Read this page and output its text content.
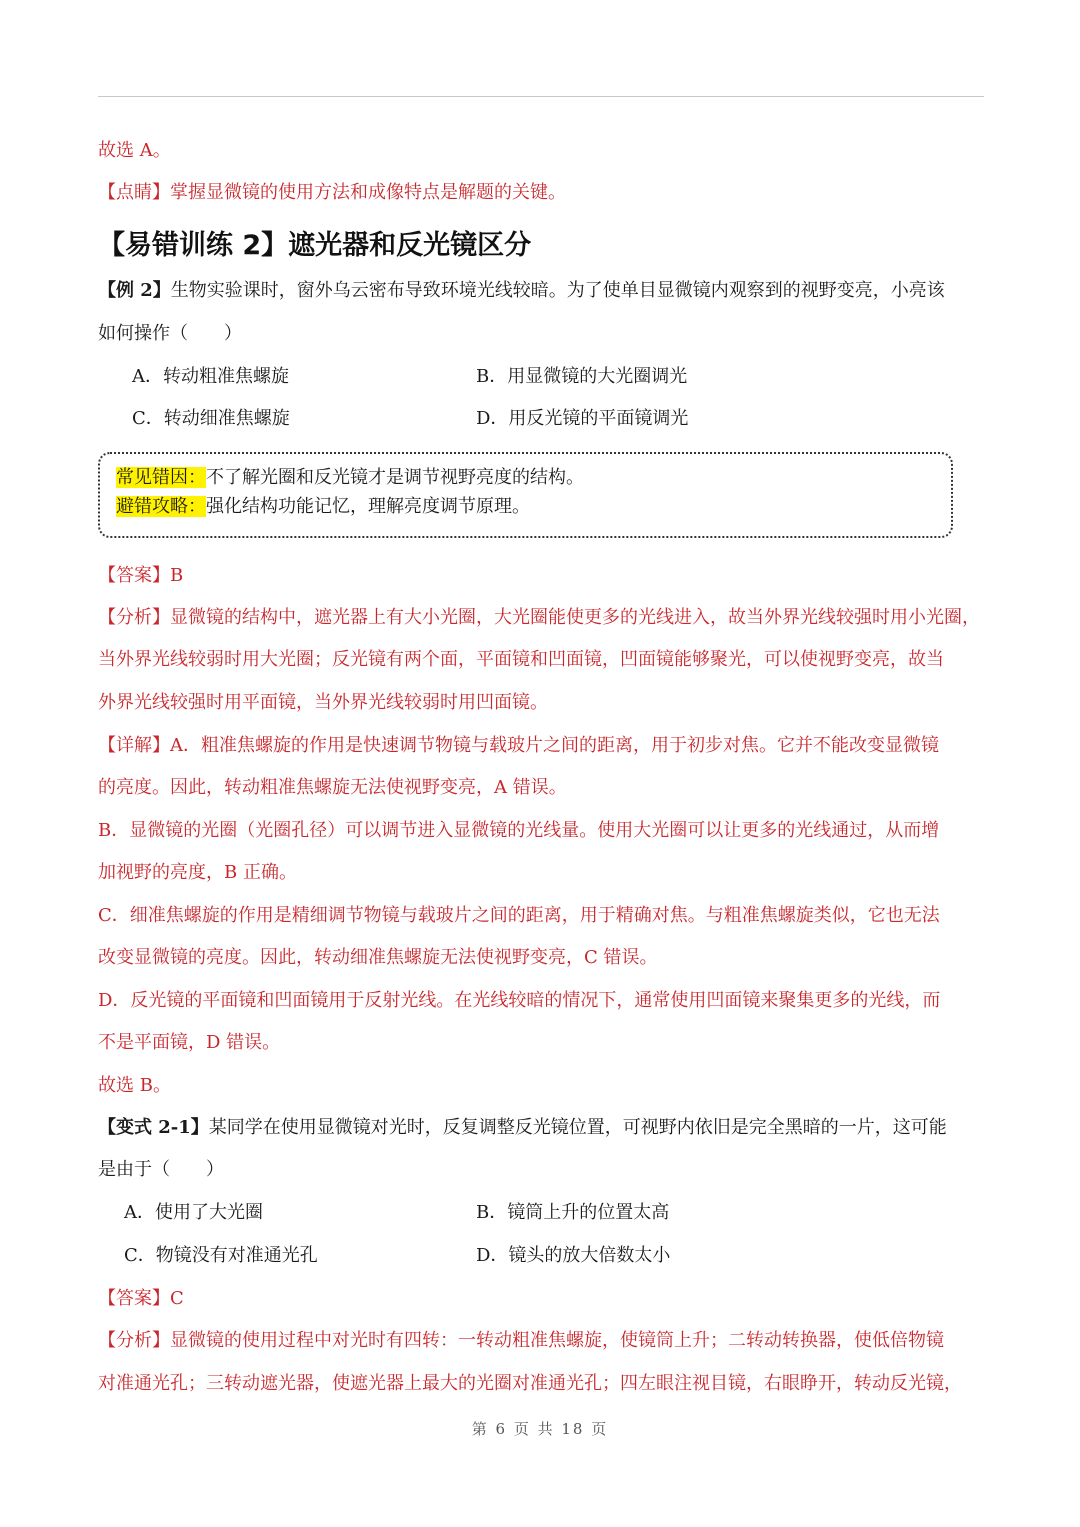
故选 A。
【点睛】掌握显微镜的使用方法和成像特点是解题的关键。
【易错训练 2】遮光器和反光镜区分
【例 2】生物实验课时，窗外乌云密布导致环境光线较暗。为了使单目显微镜内观察到的视野变亮，小亮该
如何操作（　　）
A．转动粗准焦螺旋	B．用显微镜的大光圈调光
C．转动细准焦螺旋	D．用反光镜的平面镜调光
常见错因：不了解光圈和反光镜才是调节视野亮度的结构。
避错攻略：强化结构功能记忆，理解亮度调节原理。
【答案】B
【分析】显微镜的结构中，遮光器上有大小光圈，大光圈能使更多的光线进入，故当外界光线较强时用小光圈，
当外界光线较弱时用大光圈；反光镜有两个面，平面镜和凹面镜，凹面镜能够聚光，可以使视野变亮，故当
外界光线较强时用平面镜，当外界光线较弱时用凹面镜。
【详解】A．粗准焦螺旋的作用是快速调节物镜与载玻片之间的距离，用于初步对焦。它并不能改变显微镜
的亮度。因此，转动粗准焦螺旋无法使视野变亮，A 错误。
B．显微镜的光圈（光圈孔径）可以调节进入显微镜的光线量。使用大光圈可以让更多的光线通过，从而增
加视野的亮度，B 正确。
C．细准焦螺旋的作用是精细调节物镜与载玻片之间的距离，用于精确对焦。与粗准焦螺旋类似，它也无法
改变显微镜的亮度。因此，转动细准焦螺旋无法使视野变亮，C 错误。
D．反光镜的平面镜和凹面镜用于反射光线。在光线较暗的情况下，通常使用凹面镜来聚集更多的光线，而
不是平面镜，D 错误。
故选 B。
【变式 2-1】某同学在使用显微镜对光时，反复调整反光镜位置，可视野内依旧是完全黑暗的一片，这可能
是由于（　　）
A．使用了大光圈	B．镜筒上升的位置太高
C．物镜没有对准通光孔	D．镜头的放大倍数太小
【答案】C
【分析】显微镜的使用过程中对光时有四转：一转动粗准焦螺旋，使镜筒上升；二转动转换器，使低倍物镜
对准通光孔；三转动遮光器，使遮光器上最大的光圈对准通光孔；四左眼注视目镜，右眼睁开，转动反光镜，
第 6 页 共 18 页
